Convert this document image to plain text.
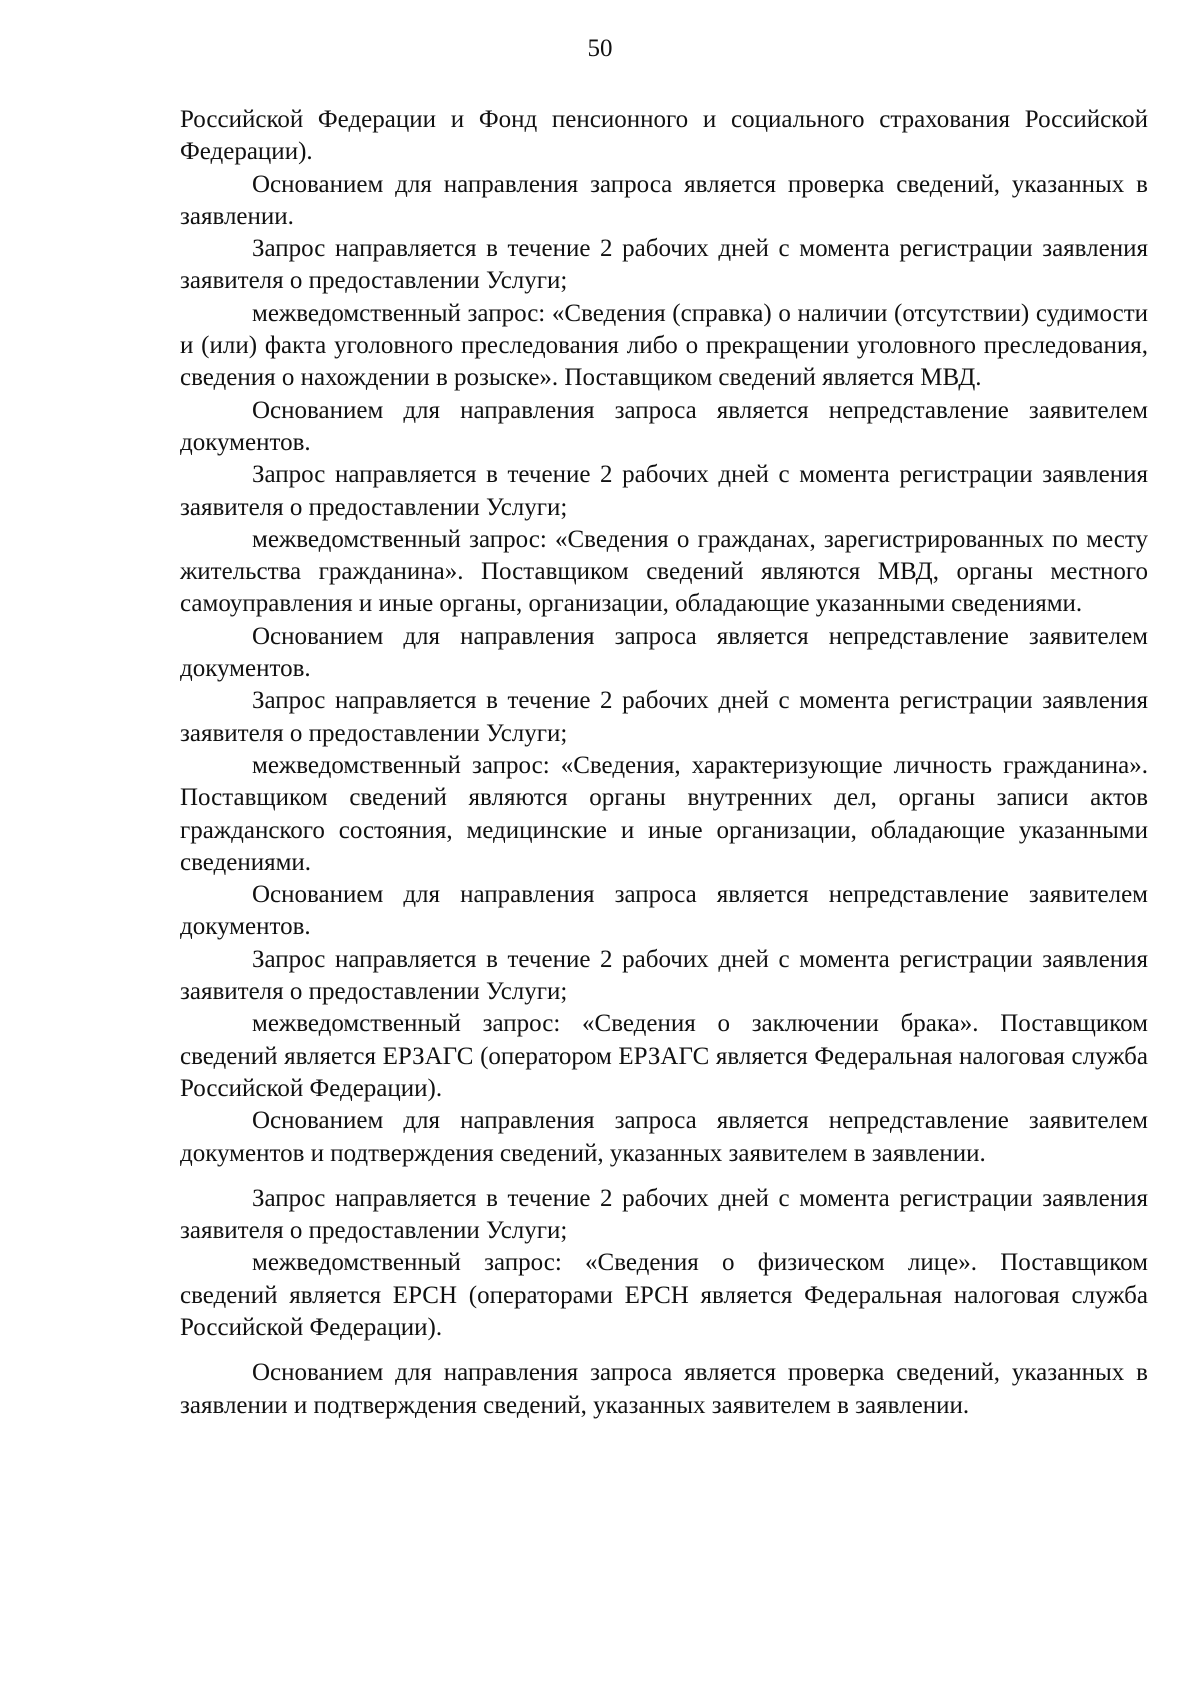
50

Российской Федерации и Фонд пенсионного и социального страхования Российской Федерации).

Основанием для направления запроса является проверка сведений, указанных в заявлении.

Запрос направляется в течение 2 рабочих дней с момента регистрации заявления заявителя о предоставлении Услуги;

межведомственный запрос: «Сведения (справка) о наличии (отсутствии) судимости и (или) факта уголовного преследования либо о прекращении уголовного преследования, сведения о нахождении в розыске». Поставщиком сведений является МВД.

Основанием для направления запроса является непредставление заявителем документов.

Запрос направляется в течение 2 рабочих дней с момента регистрации заявления заявителя о предоставлении Услуги;

межведомственный запрос: «Сведения о гражданах, зарегистрированных по месту жительства гражданина». Поставщиком сведений являются МВД, органы местного самоуправления и иные органы, организации, обладающие указанными сведениями.

Основанием для направления запроса является непредставление заявителем документов.

Запрос направляется в течение 2 рабочих дней с момента регистрации заявления заявителя о предоставлении Услуги;

межведомственный запрос: «Сведения, характеризующие личность гражданина». Поставщиком сведений являются органы внутренних дел, органы записи актов гражданского состояния, медицинские и иные организации, обладающие указанными сведениями.

Основанием для направления запроса является непредставление заявителем документов.

Запрос направляется в течение 2 рабочих дней с момента регистрации заявления заявителя о предоставлении Услуги;

межведомственный запрос: «Сведения о заключении брака». Поставщиком сведений является ЕРЗАГС (оператором ЕРЗАГС является Федеральная налоговая служба Российской Федерации).

Основанием для направления запроса является непредставление заявителем документов и подтверждения сведений, указанных заявителем в заявлении.

Запрос направляется в течение 2 рабочих дней с момента регистрации заявления заявителя о предоставлении Услуги;

межведомственный запрос: «Сведения о физическом лице». Поставщиком сведений является ЕРСН (операторами ЕРСН является Федеральная налоговая служба Российской Федерации).

Основанием для направления запроса является проверка сведений, указанных в заявлении и подтверждения сведений, указанных заявителем в заявлении.
